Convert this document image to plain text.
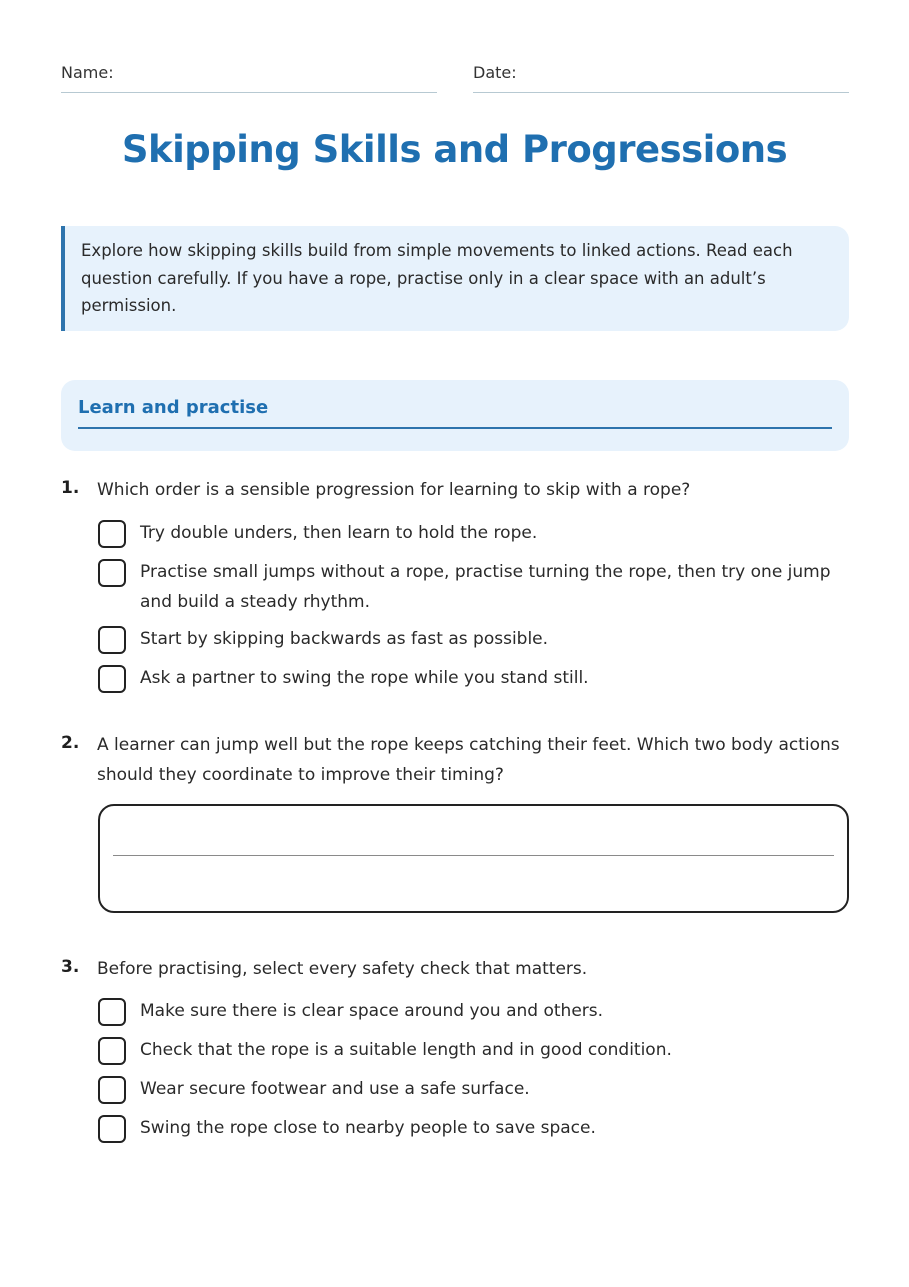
Name:	Date:
Skipping Skills and Progressions
Explore how skipping skills build from simple movements to linked actions. Read each question carefully. If you have a rope, practise only in a clear space with an adult’s permission.
Learn and practise
1. Which order is a sensible progression for learning to skip with a rope?
Try double unders, then learn to hold the rope.
Practise small jumps without a rope, practise turning the rope, then try one jump and build a steady rhythm.
Start by skipping backwards as fast as possible.
Ask a partner to swing the rope while you stand still.
2. A learner can jump well but the rope keeps catching their feet. Which two body actions should they coordinate to improve their timing?
3. Before practising, select every safety check that matters.
Make sure there is clear space around you and others.
Check that the rope is a suitable length and in good condition.
Wear secure footwear and use a safe surface.
Swing the rope close to nearby people to save space.
